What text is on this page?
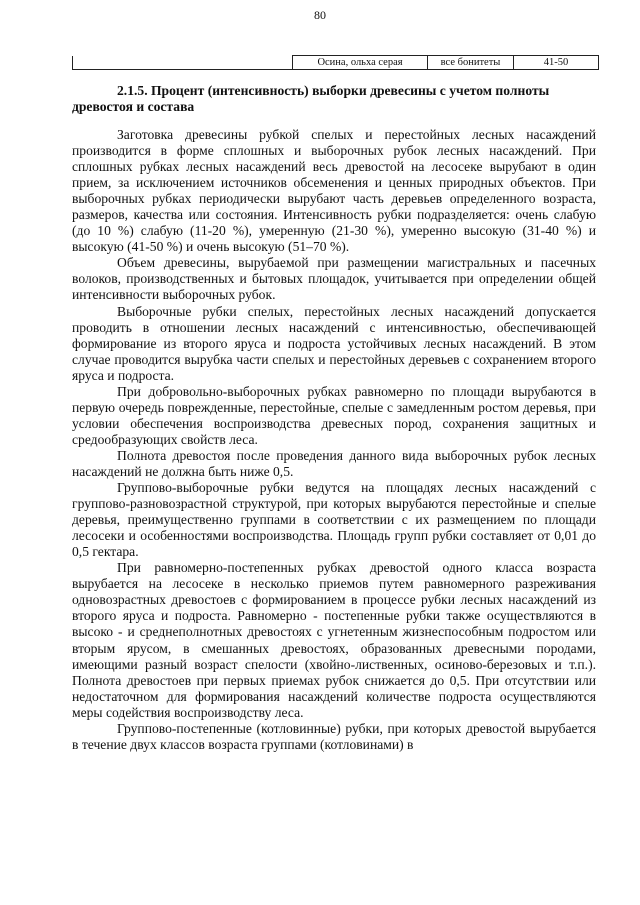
80
	Осина, ольха серая	все бонитеты	41-50
2.1.5. Процент (интенсивность) выборки древесины с учетом полноты древостоя и состава

Заготовка древесины рубкой спелых и перестойных лесных насаждений производится в форме сплошных и выборочных рубок лесных насаждений. При сплошных рубках лесных насаждений весь древостой на лесосеке вырубают в один прием, за исключением источников обсеменения и ценных природных объектов. При выборочных рубках периодически вырубают часть деревьев определенного возраста, размеров, качества или состояния. Интенсивность рубки подразделяется: очень слабую (до 10 %) слабую (11-20 %), умеренную (21-30 %), умеренно высокую (31-40 %) и высокую (41-50 %) и очень высокую (51–70 %).

Объем древесины, вырубаемой при размещении магистральных и пасечных волоков, производственных и бытовых площадок, учитывается при определении общей интенсивности выборочных рубок.

Выборочные рубки спелых, перестойных лесных насаждений допускается проводить в отношении лесных насаждений с интенсивностью, обеспечивающей формирование из второго яруса и подроста устойчивых лесных насаждений. В этом случае проводится вырубка части спелых и перестойных деревьев с сохранением второго яруса и подроста.

При добровольно-выборочных рубках равномерно по площади вырубаются в первую очередь поврежденные, перестойные, спелые с замедленным ростом деревья, при условии обеспечения воспроизводства древесных пород, сохранения защитных и средообразующих свойств леса.

Полнота древостоя после проведения данного вида выборочных рубок лесных насаждений не должна быть ниже 0,5.

Группово-выборочные рубки ведутся на площадях лесных насаждений с группово-разновозрастной структурой, при которых вырубаются перестойные и спелые деревья, преимущественно группами в соответствии с их размещением по площади лесосеки и особенностями воспроизводства. Площадь групп рубки составляет от 0,01 до 0,5 гектара.

При равномерно-постепенных рубках древостой одного класса возраста вырубается на лесосеке в несколько приемов путем равномерного разреживания одновозрастных древостоев с формированием в процессе рубки лесных насаждений из второго яруса и подроста. Равномерно - постепенные рубки также осуществляются в высоко - и среднеполнотных древостоях с угнетенным жизнеспособным подростом или вторым ярусом, в смешанных древостоях, образованных древесными породами, имеющими разный возраст спелости (хвойно-лиственных, осиново-березовых и т.п.). Полнота древостоев при первых приемах рубок снижается до 0,5. При отсутствии или недостаточном для формирования насаждений количестве подроста осуществляются меры содействия воспроизводству леса.

Группово-постепенные (котловинные) рубки, при которых древостой вырубается в течение двух классов возраста группами (котловинами) в
